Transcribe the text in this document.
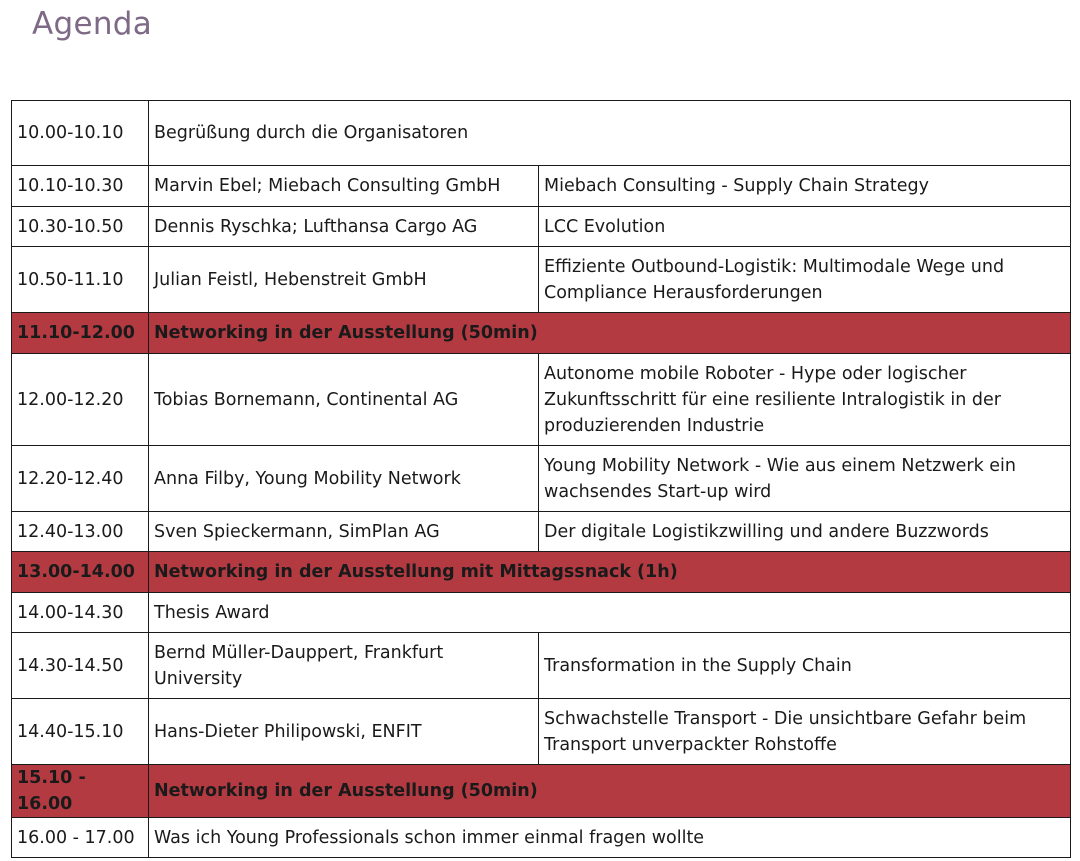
Agenda
10.00-10.10	Begrüßung durch die Organisatoren	
10.10-10.30	Marvin Ebel; Miebach Consulting GmbH	Miebach Consulting - Supply Chain Strategy
10.30-10.50	Dennis Ryschka; Lufthansa Cargo AG	LCC Evolution
10.50-11.10	Julian Feistl, Hebenstreit GmbH	Effiziente Outbound-Logistik: Multimodale Wege und Compliance Herausforderungen
11.10-12.00	Networking in der Ausstellung (50min)	
12.00-12.20	Tobias Bornemann, Continental AG	Autonome mobile Roboter - Hype oder logischer Zukunftsschritt für eine resiliente Intralogistik in der produzierenden Industrie
12.20-12.40	Anna Filby, Young Mobility Network	Young Mobility Network - Wie aus einem Netzwerk ein wachsendes Start-up wird
12.40-13.00	Sven Spieckermann, SimPlan AG	Der digitale Logistikzwilling und andere Buzzwords
13.00-14.00	Networking in der Ausstellung mit Mittagssnack (1h)	
14.00-14.30	Thesis Award	
14.30-14.50	Bernd Müller-Dauppert, Frankfurt University	Transformation in the Supply Chain
14.40-15.10	Hans-Dieter Philipowski, ENFIT	Schwachstelle Transport - Die unsichtbare Gefahr beim Transport unverpackter Rohstoffe
15.10 - 16.00	Networking in der Ausstellung (50min)	
16.00 - 17.00	Was ich Young Professionals schon immer einmal fragen wollte	
